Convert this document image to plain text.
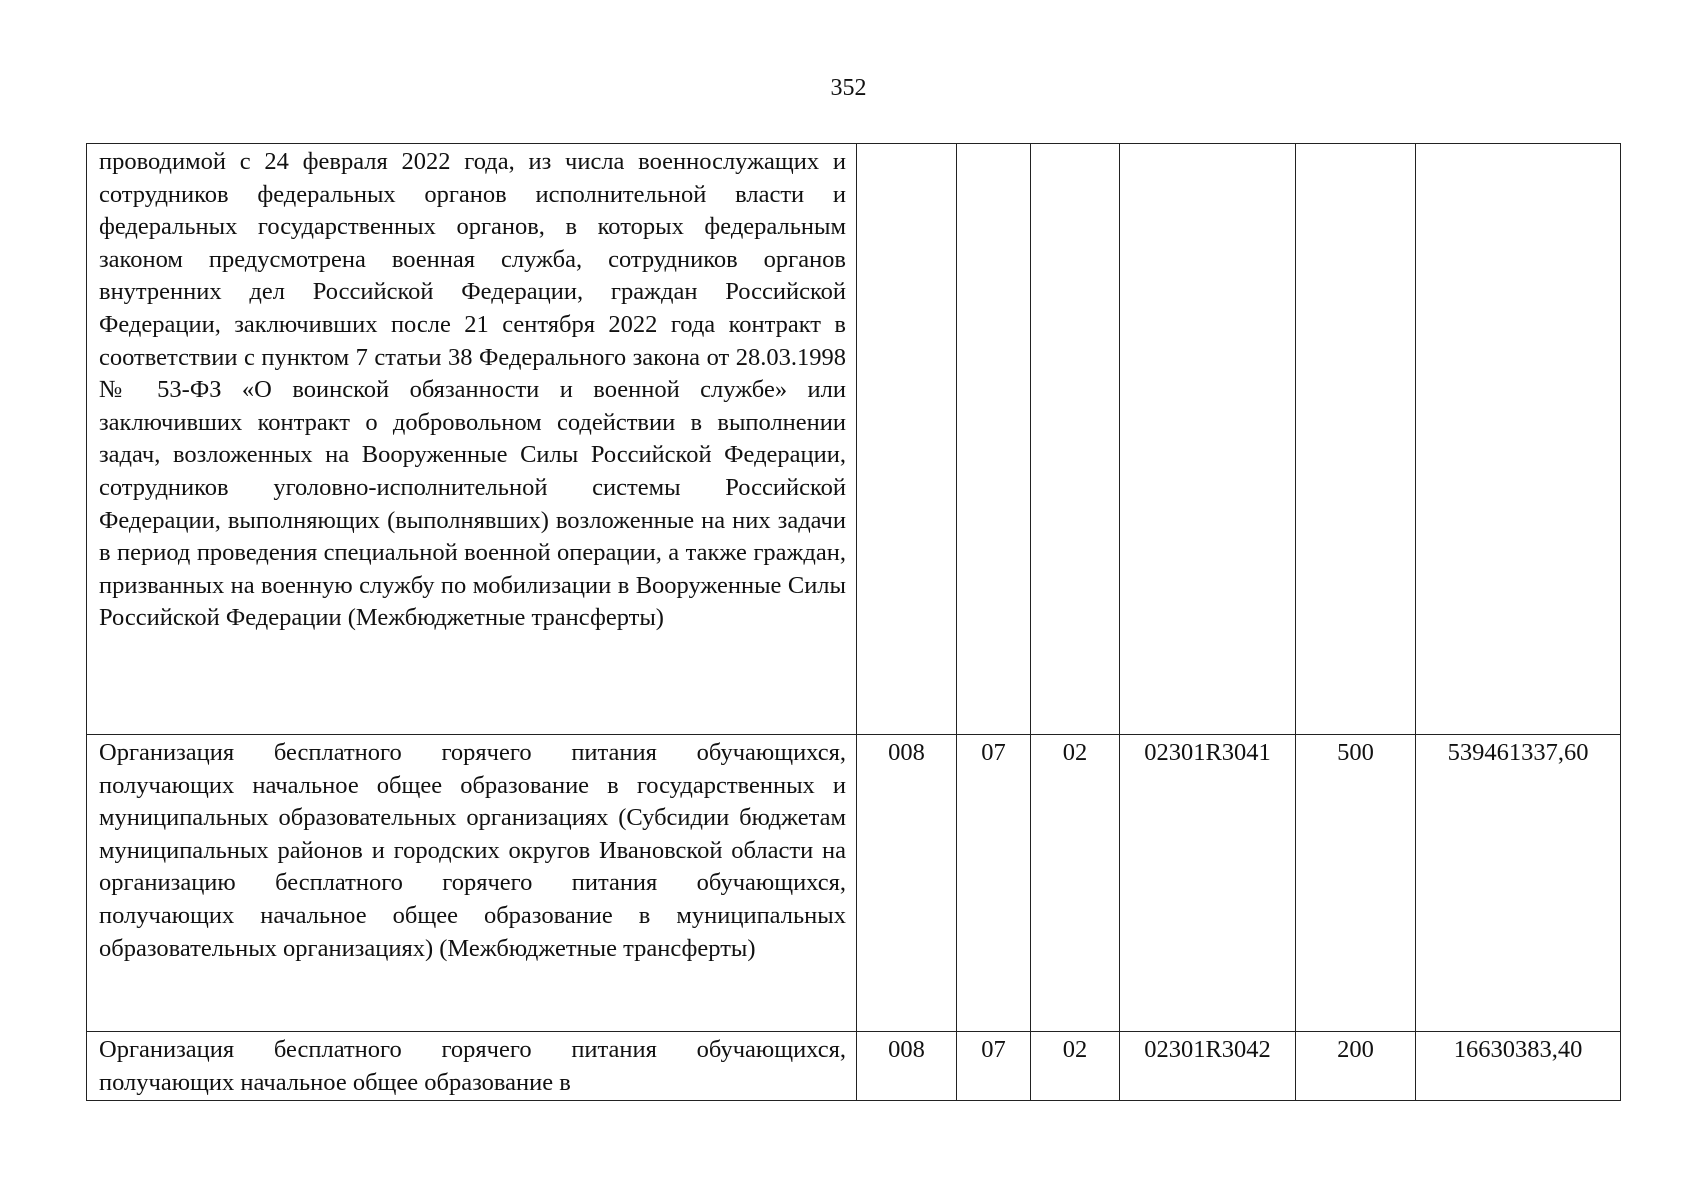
352
проводимой с 24 февраля 2022 года, из числа военнослужащих и сотрудников федеральных органов исполнительной власти и федеральных государственных органов, в которых федеральным законом предусмотрена военная служба, сотрудников органов внутренних дел Российской Федерации, граждан Российской Федерации, заключивших после 21 сентября 2022 года контракт в соответствии с пунктом 7 статьи 38 Федерального закона от 28.03.1998 № 53-ФЗ «О воинской обязанности и военной службе» или заключивших контракт о добровольном содействии в выполнении задач, возложенных на Вооруженные Силы Российской Федерации, сотрудников уголовно-исполнительной системы Российской Федерации, выполняющих (выполнявших) возложенные на них задачи в период проведения специальной военной операции, а также граждан, призванных на военную службу по мобилизации в Вооруженные Силы Российской Федерации (Межбюджетные трансферты)						
Организация бесплатного горячего питания обучающихся, получающих начальное общее образование в государственных и муниципальных образовательных организациях (Субсидии бюджетам муниципальных районов и городских округов Ивановской области на организацию бесплатного горячего питания обучающихся, получающих начальное общее образование в муниципальных образовательных организациях) (Межбюджетные трансферты)	008	07	02	02301R3041	500	539461337,60
Организация бесплатного горячего питания обучающихся, получающих начальное общее образование в	008	07	02	02301R3042	200	16630383,40
